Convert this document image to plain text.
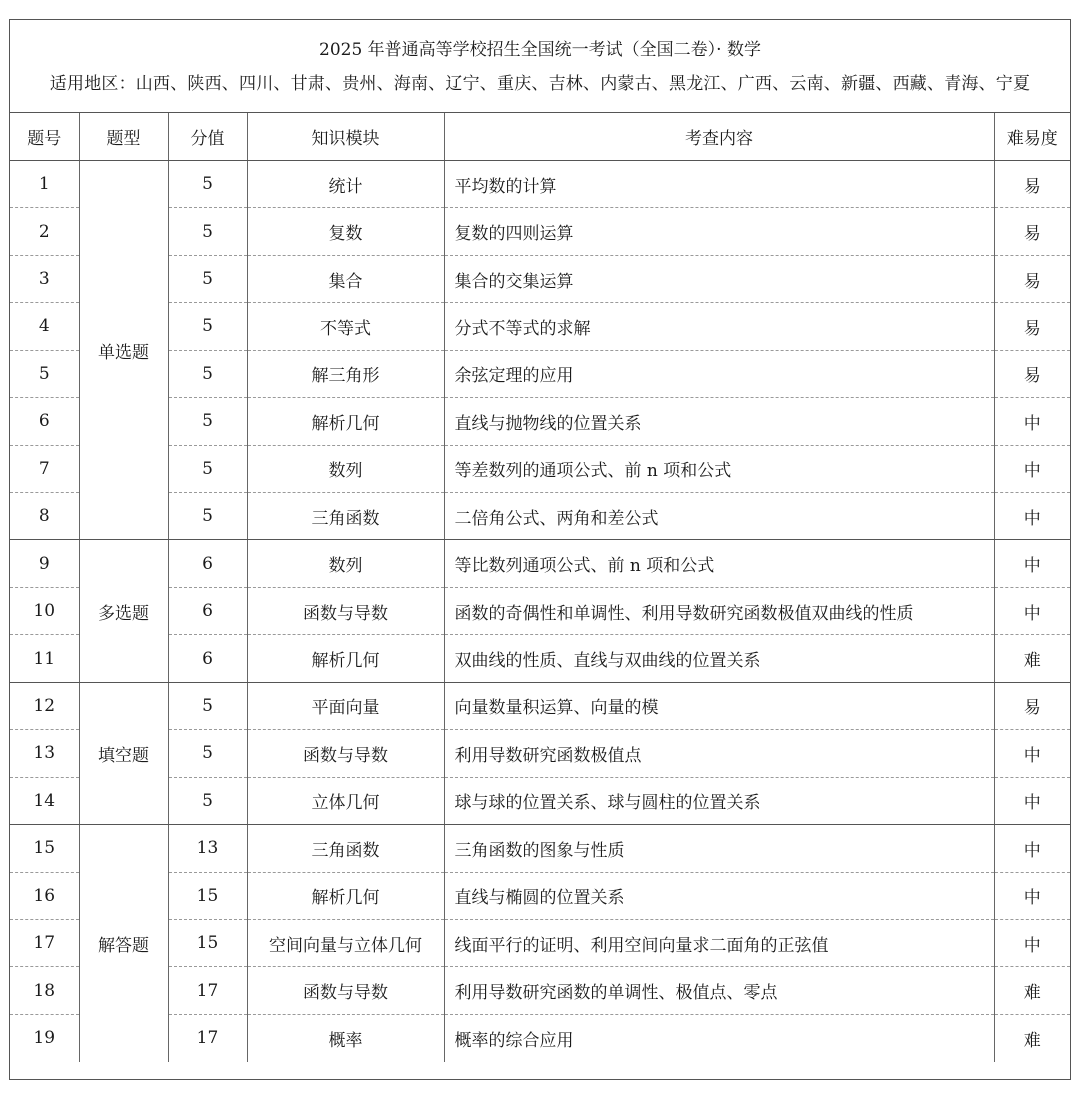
2025 年普通高等学校招生全国统一考试（全国二卷）· 数学
适用地区：山西、陕西、四川、甘肃、贵州、海南、辽宁、重庆、吉林、内蒙古、黑龙江、广西、云南、新疆、西藏、青海、宁夏
题号	题型	分值	知识模块	考查内容	难易度
1	单选题	5	统计	平均数的计算	易
2		5	复数	复数的四则运算	易
3		5	集合	集合的交集运算	易
4		5	不等式	分式不等式的求解	易
5		5	解三角形	余弦定理的应用	易
6		5	解析几何	直线与抛物线的位置关系	中
7		5	数列	等差数列的通项公式、前 n 项和公式	中
8		5	三角函数	二倍角公式、两角和差公式	中
9	多选题	6	数列	等比数列通项公式、前 n 项和公式	中
10		6	函数与导数	函数的奇偶性和单调性、利用导数研究函数极值双曲线的性质	中
11		6	解析几何	双曲线的性质、直线与双曲线的位置关系	难
12	填空题	5	平面向量	向量数量积运算、向量的模	易
13		5	函数与导数	利用导数研究函数极值点	中
14		5	立体几何	球与球的位置关系、球与圆柱的位置关系	中
15	解答题	13	三角函数	三角函数的图象与性质	中
16		15	解析几何	直线与椭圆的位置关系	中
17		15	空间向量与立体几何	线面平行的证明、利用空间向量求二面角的正弦值	中
18		17	函数与导数	利用导数研究函数的单调性、极值点、零点	难
19		17	概率	概率的综合应用	难
